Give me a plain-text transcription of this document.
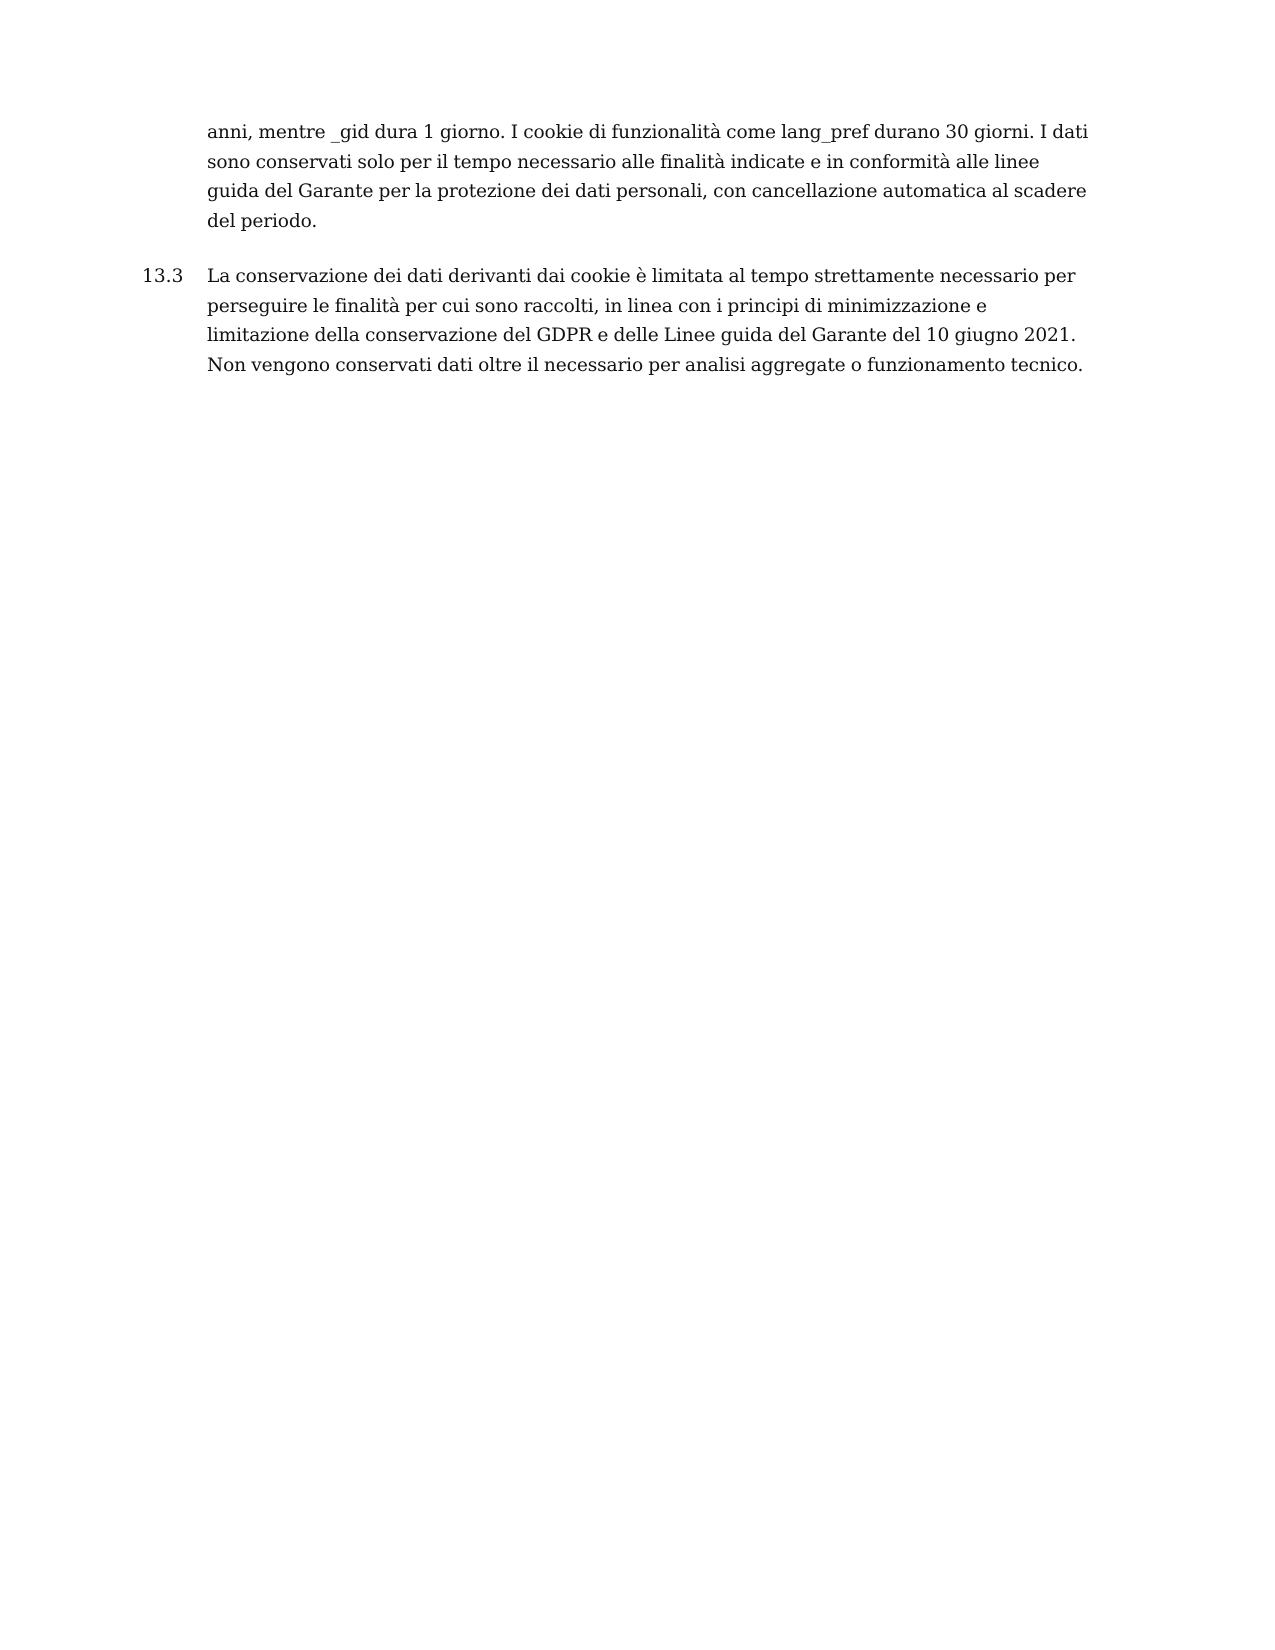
anni, mentre _gid dura 1 giorno. I cookie di funzionalità come lang_pref durano 30 giorni. I dati
sono conservati solo per il tempo necessario alle finalità indicate e in conformità alle linee
guida del Garante per la protezione dei dati personali, con cancellazione automatica al scadere
del periodo.

13.3 La conservazione dei dati derivanti dai cookie è limitata al tempo strettamente necessario per
perseguire le finalità per cui sono raccolti, in linea con i principi di minimizzazione e
limitazione della conservazione del GDPR e delle Linee guida del Garante del 10 giugno 2021.
Non vengono conservati dati oltre il necessario per analisi aggregate o funzionamento tecnico.
